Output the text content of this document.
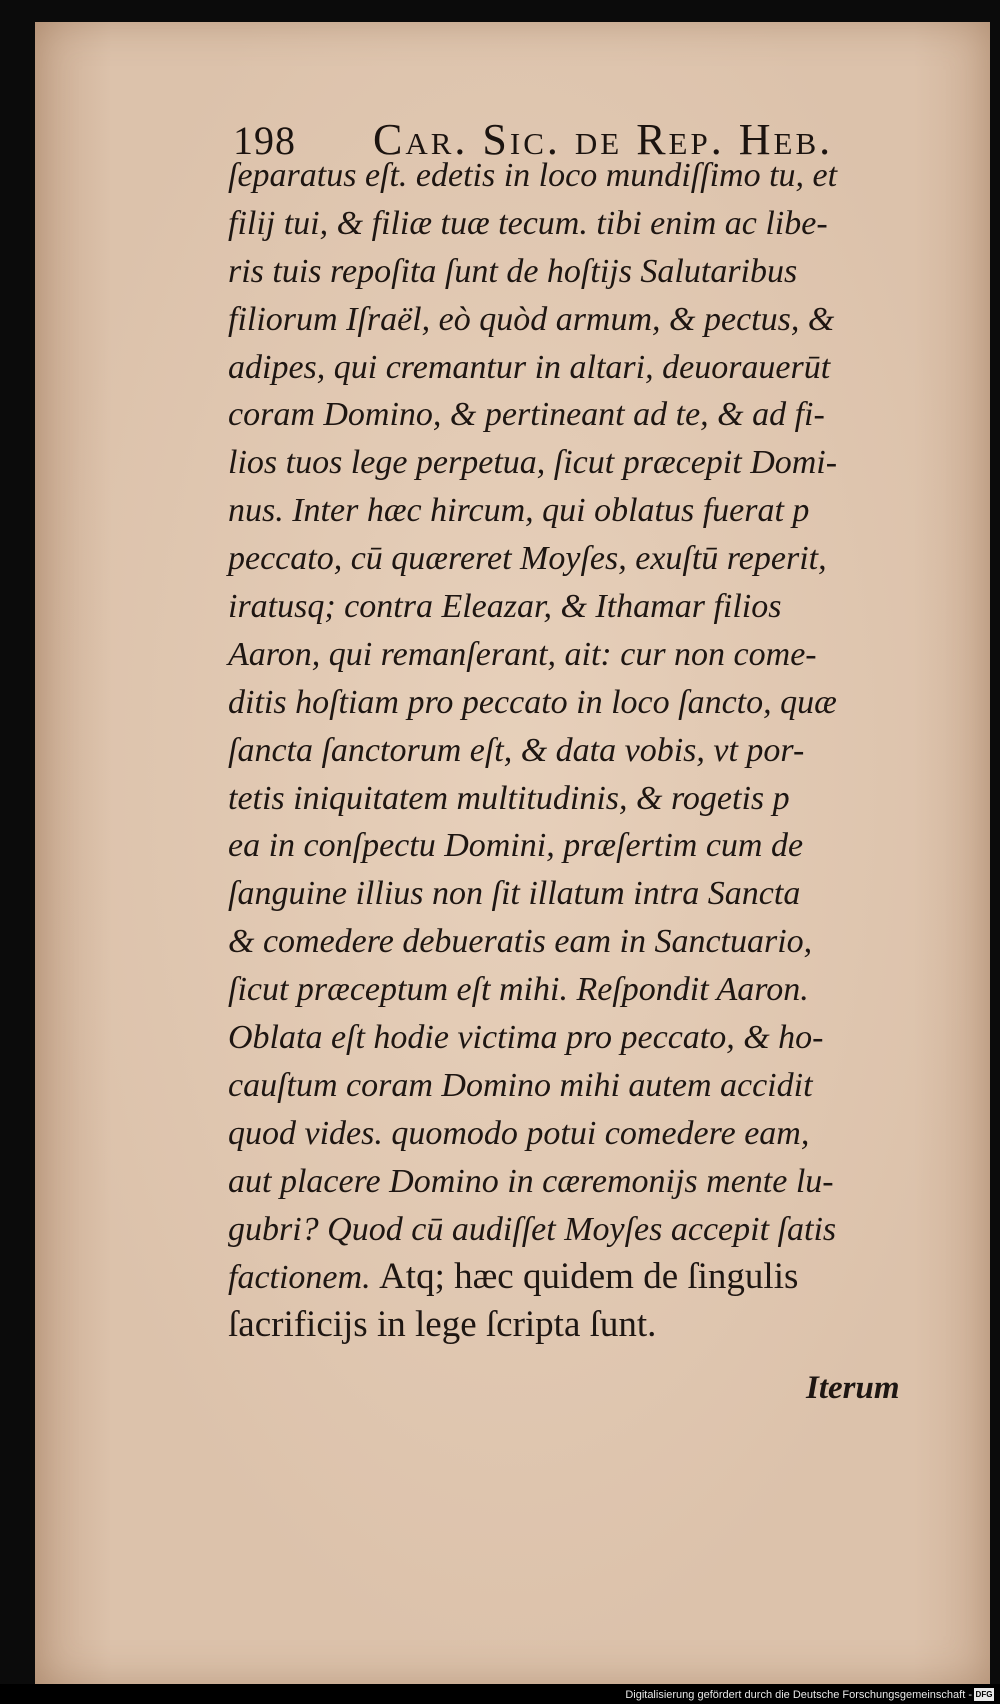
198	Car. Sic. de Rep. Heb.
ſeparatus eſt. edetis in loco mundiſſimo tu, et
filij tui, & filiæ tuæ tecum. tibi enim ac libe-
ris tuis repoſita ſunt de hoſtijs Salutaribus
filiorum Iſraël, eò quòd armum, & pectus, &
adipes, qui cremantur in altari, deuorauerūt
coram Domino, & pertineant ad te, & ad fi-
lios tuos lege perpetua, ſicut præcepit Domi-
nus. Inter hæc hircum, qui oblatus fuerat p
peccato, cū quæreret Moyſes, exuſtū reperit,
iratusq; contra Eleazar, & Ithamar filios
Aaron, qui remanſerant, ait: cur non come-
ditis hoſtiam pro peccato in loco ſancto, quæ
ſancta ſanctorum eſt, & data vobis, vt por-
tetis iniquitatem multitudinis, & rogetis p
ea in conſpectu Domini, præſertim cum de
ſanguine illius non ſit illatum intra Sancta
& comedere debueratis eam in Sanctuario,
ſicut præceptum eſt mihi. Reſpondit Aaron.
Oblata eſt hodie victima pro peccato, & ho-
cauſtum coram Domino mihi autem accidit
quod vides. quomodo potui comedere eam,
aut placere Domino in cæremonijs mente lu-
gubri? Quod cū audiſſet Moyſes accepit ſatis
factionem. Atq; hæc quidem de ſingulis
ſacrificijs in lege ſcripta ſunt.
Iterum
Digitalisierung gefördert durch die Deutsche Forschungsgemeinschaft - DFG
